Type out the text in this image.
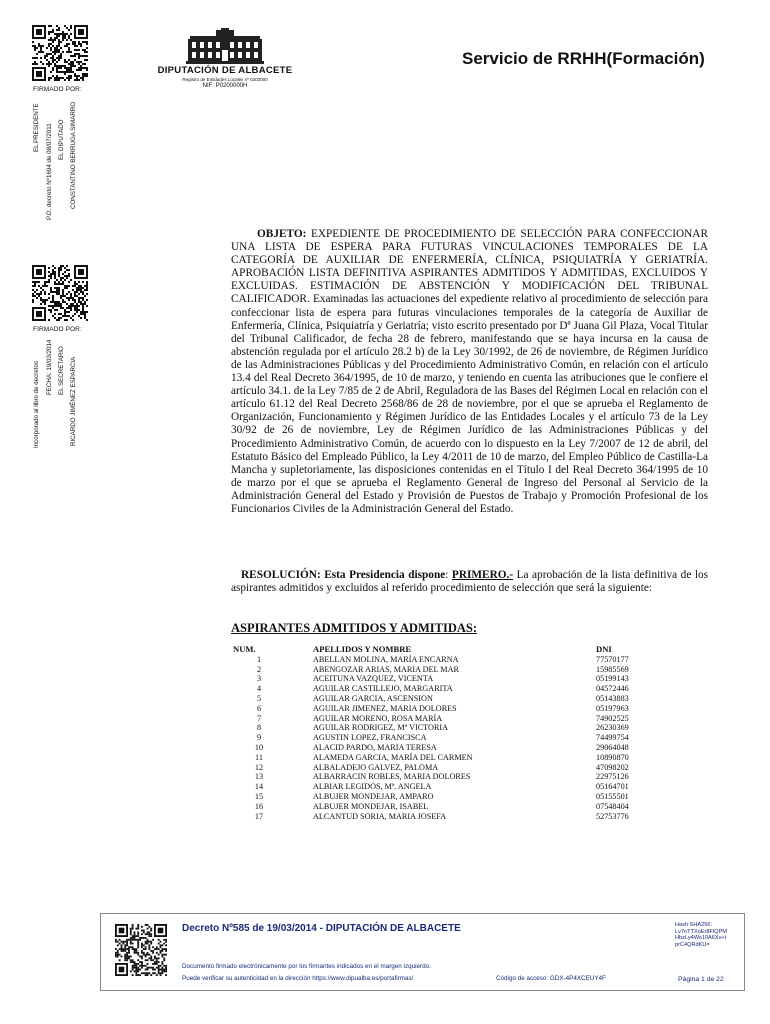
FIRMADO POR:
EL PRESIDENTE P.D. decreto Nº1694 de 08/07/2011 EL DIPUTADO CONSTANTINO BERRUGA SIMARRO
FIRMADO POR:
Incorporado al libro de decretos FECHA: 19/03/2014 EL SECRETARIO RICARDO JIMÉNEZ ESPARCIA
DIPUTACIÓN DE ALBACETE
Registro de Entidades Locales nº 0202000
NIF: P0200000H
Servicio de RRHH(Formación)
OBJETO: EXPEDIENTE DE PROCEDIMIENTO DE SELECCIÓN PARA CONFECCIONAR UNA LISTA DE ESPERA PARA FUTURAS VINCULACIONES TEMPORALES DE LA CATEGORÍA DE AUXILIAR DE ENFERMERÍA, CLÍNICA, PSIQUIATRÍA Y GERIATRÍA. APROBACIÓN LISTA DEFINITIVA ASPIRANTES ADMITIDOS Y ADMITIDAS, EXCLUIDOS Y EXCLUIDAS. ESTIMACIÓN DE ABSTENCIÓN Y MODIFICACIÓN DEL TRIBUNAL CALIFICADOR. Examinadas las actuaciones del expediente relativo al procedimiento de selección para confeccionar lista de espera para futuras vinculaciones temporales de la categoría de Auxiliar de Enfermería, Clínica, Psiquiatría y Geriatría; visto escrito presentado por Dª Juana Gil Plaza, Vocal Titular del Tribunal Calificador, de fecha 28 de febrero, manifestando que se haya incursa en la causa de abstención regulada por el artículo 28.2 b) de la Ley 30/1992, de 26 de noviembre, de Régimen Jurídico de las Administraciones Públicas y del Procedimiento Administrativo Común, en relación con el artículo 13.4 del Real Decreto 364/1995, de 10 de marzo, y teniendo en cuenta las atribuciones que le confiere el artículo 34.1. de la Ley 7/85 de 2 de Abril, Reguladora de las Bases del Régimen Local en relación con el artículo 61.12 del Real Decreto 2568/86 de 28 de noviembre, por el que se aprueba el Reglamento de Organización, Funcionamiento y Régimen Jurídico de las Entidades Locales y el artículo 73 de la Ley 30/92 de 26 de noviembre, Ley de Régimen Jurídico de las Administraciones Públicas y del Procedimiento Administrativo Común, de acuerdo con lo dispuesto en la Ley 7/2007 de 12 de abril, del Estatuto Básico del Empleado Público, la Ley 4/2011 de 10 de marzo, del Empleo Público de Castilla-La Mancha y supletoriamente, las disposiciones contenidas en el Título I del Real Decreto 364/1995 de 10 de marzo por el que se aprueba el Reglamento General de Ingreso del Personal al Servicio de la Administración General del Estado y Provisión de Puestos de Trabajo y Promoción Profesional de los Funcionarios Civiles de la Administración General del Estado.
RESOLUCIÓN: Esta Presidencia dispone: PRIMERO.- La aprobación de la lista definitiva de los aspirantes admitidos y excluidos al referido procedimiento de selección que será la siguiente:
ASPIRANTES ADMITIDOS Y ADMITIDAS:
NUM.	APELLIDOS Y NOMBRE	DNI
1	ABELLAN MOLINA, MARÍA ENCARNA	77570177
2	ABENGOZAR ARIAS, MARIA DEL MAR	15985569
3	ACEITUNA VAZQUEZ, VICENTA	05199143
4	AGUILAR CASTILLEJO, MARGARITA	04572446
5	AGUILAR GARCIA, ASCENSION	05143883
6	AGUILAR JIMENEZ, MARIA DOLORES	05197963
7	AGUILAR MORENO, ROSA MARÍA	74902525
8	AGUILAR RODRIGEZ, Mº VICTORIA	26230369
9	AGUSTIN LOPEZ, FRANCISCA	74499754
10	ALACID PARDO, MARIA TERESA	29064048
11	ALAMEDA GARCIA, MARÍA DEL CARMEN	10890870
12	ALBALADEJO GALVEZ, PALOMA	47098202
13	ALBARRACIN ROBLES, MARIA DOLORES	22975126
14	ALBIAR LEGIDOS, Mª. ANGELA	05164701
15	ALBUJER MONDEJAR, AMPARO	05155501
16	ALBUJER MONDEJAR, ISABEL	07548404
17	ALCANTUD SORIA, MARIA JOSEFA	52753776
Decreto Nº585 de 19/03/2014 - DIPUTACIÓN DE ALBACETE
Documento firmado electrónicamente por los firmantes indicados en el margen izquierdo.
Puede verificar su autenticidad en la dirección https://www.dipualba.es/portafirmas/	Código de acceso: GDX-4P4XCEUY4F
Hash SHA256:
Lv7oTTXoEr8FlQPM
HbzLy4Ws10A6Xv+t
prC4QRdKU=
Página 1 de 22
